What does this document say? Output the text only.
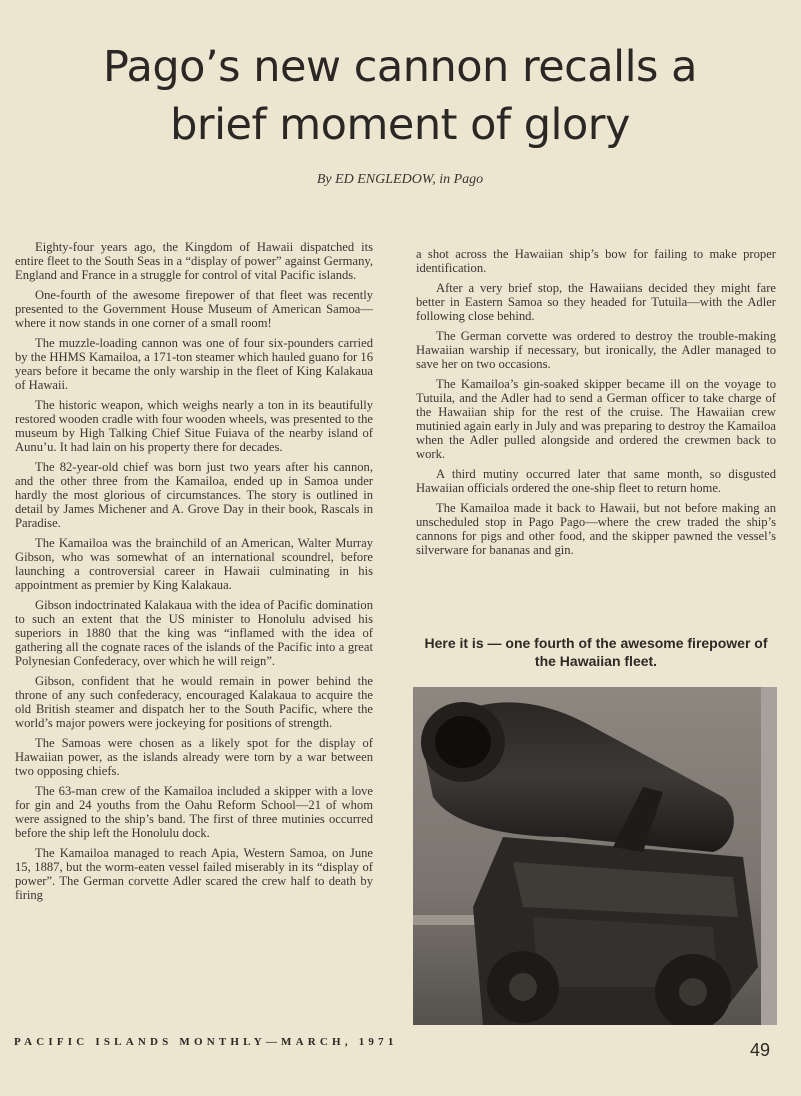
Pago’s new cannon recalls a brief moment of glory
By ED ENGLEDOW, in Pago

Eighty-four years ago, the Kingdom of Hawaii dispatched its entire fleet to the South Seas in a “display of power” against Germany, England and France in a struggle for control of vital Pacific islands.

One-fourth of the awesome firepower of that fleet was recently presented to the Government House Museum of American Samoa—where it now stands in one corner of a small room!

The muzzle-loading cannon was one of four six-pounders carried by the HHMS Kamailoa, a 171-ton steamer which hauled guano for 16 years before it became the only warship in the fleet of King Kalakaua of Hawaii.

The historic weapon, which weighs nearly a ton in its beautifully restored wooden cradle with four wooden wheels, was presented to the museum by High Talking Chief Situe Fuiava of the nearby island of Aunu’u. It had lain on his property there for decades.

The 82-year-old chief was born just two years after his cannon, and the other three from the Kamailoa, ended up in Samoa under hardly the most glorious of circumstances. The story is outlined in detail by James Michener and A. Grove Day in their book, Rascals in Paradise.

The Kamailoa was the brainchild of an American, Walter Murray Gibson, who was somewhat of an international scoundrel, before launching a controversial career in Hawaii culminating in his appointment as premier by King Kalakaua.

Gibson indoctrinated Kalakaua with the idea of Pacific domination to such an extent that the US minister to Honolulu advised his superiors in 1880 that the king was “inflamed with the idea of gathering all the cognate races of the islands of the Pacific into a great Polynesian Confederacy, over which he will reign”.

Gibson, confident that he would remain in power behind the throne of any such confederacy, encouraged Kalakaua to acquire the old British steamer and dispatch her to the South Pacific, where the world’s major powers were jockeying for positions of strength.

The Samoas were chosen as a likely spot for the display of Hawaiian power, as the islands already were torn by a war between two opposing chiefs.

The 63-man crew of the Kamailoa included a skipper with a love for gin and 24 youths from the Oahu Reform School—21 of whom were assigned to the ship’s band. The first of three mutinies occurred before the ship left the Honolulu dock.

The Kamailoa managed to reach Apia, Western Samoa, on June 15, 1887, but the worm-eaten vessel failed miserably in its “display of power”. The German corvette Adler scared the crew half to death by firing

a shot across the Hawaiian ship’s bow for failing to make proper identification.

After a very brief stop, the Hawaiians decided they might fare better in Eastern Samoa so they headed for Tutuila—with the Adler following close behind.

The German corvette was ordered to destroy the trouble-making Hawaiian warship if necessary, but ironically, the Adler managed to save her on two occasions.

The Kamailoa’s gin-soaked skipper became ill on the voyage to Tutuila, and the Adler had to send a German officer to take charge of the Hawaiian ship for the rest of the cruise. The Hawaiian crew mutinied again early in July and was preparing to destroy the Kamailoa when the Adler pulled alongside and ordered the crewmen back to work.

A third mutiny occurred later that same month, so disgusted Hawaiian officials ordered the one-ship fleet to return home.

The Kamailoa made it back to Hawaii, but not before making an unscheduled stop in Pago Pago—where the crew traded the ship’s cannons for pigs and other food, and the skipper pawned the vessel’s silverware for bananas and gin.

Here it is — one fourth of the awesome firepower of the Hawaiian fleet.
PACIFIC ISLANDS MONTHLY—MARCH, 1971	49
